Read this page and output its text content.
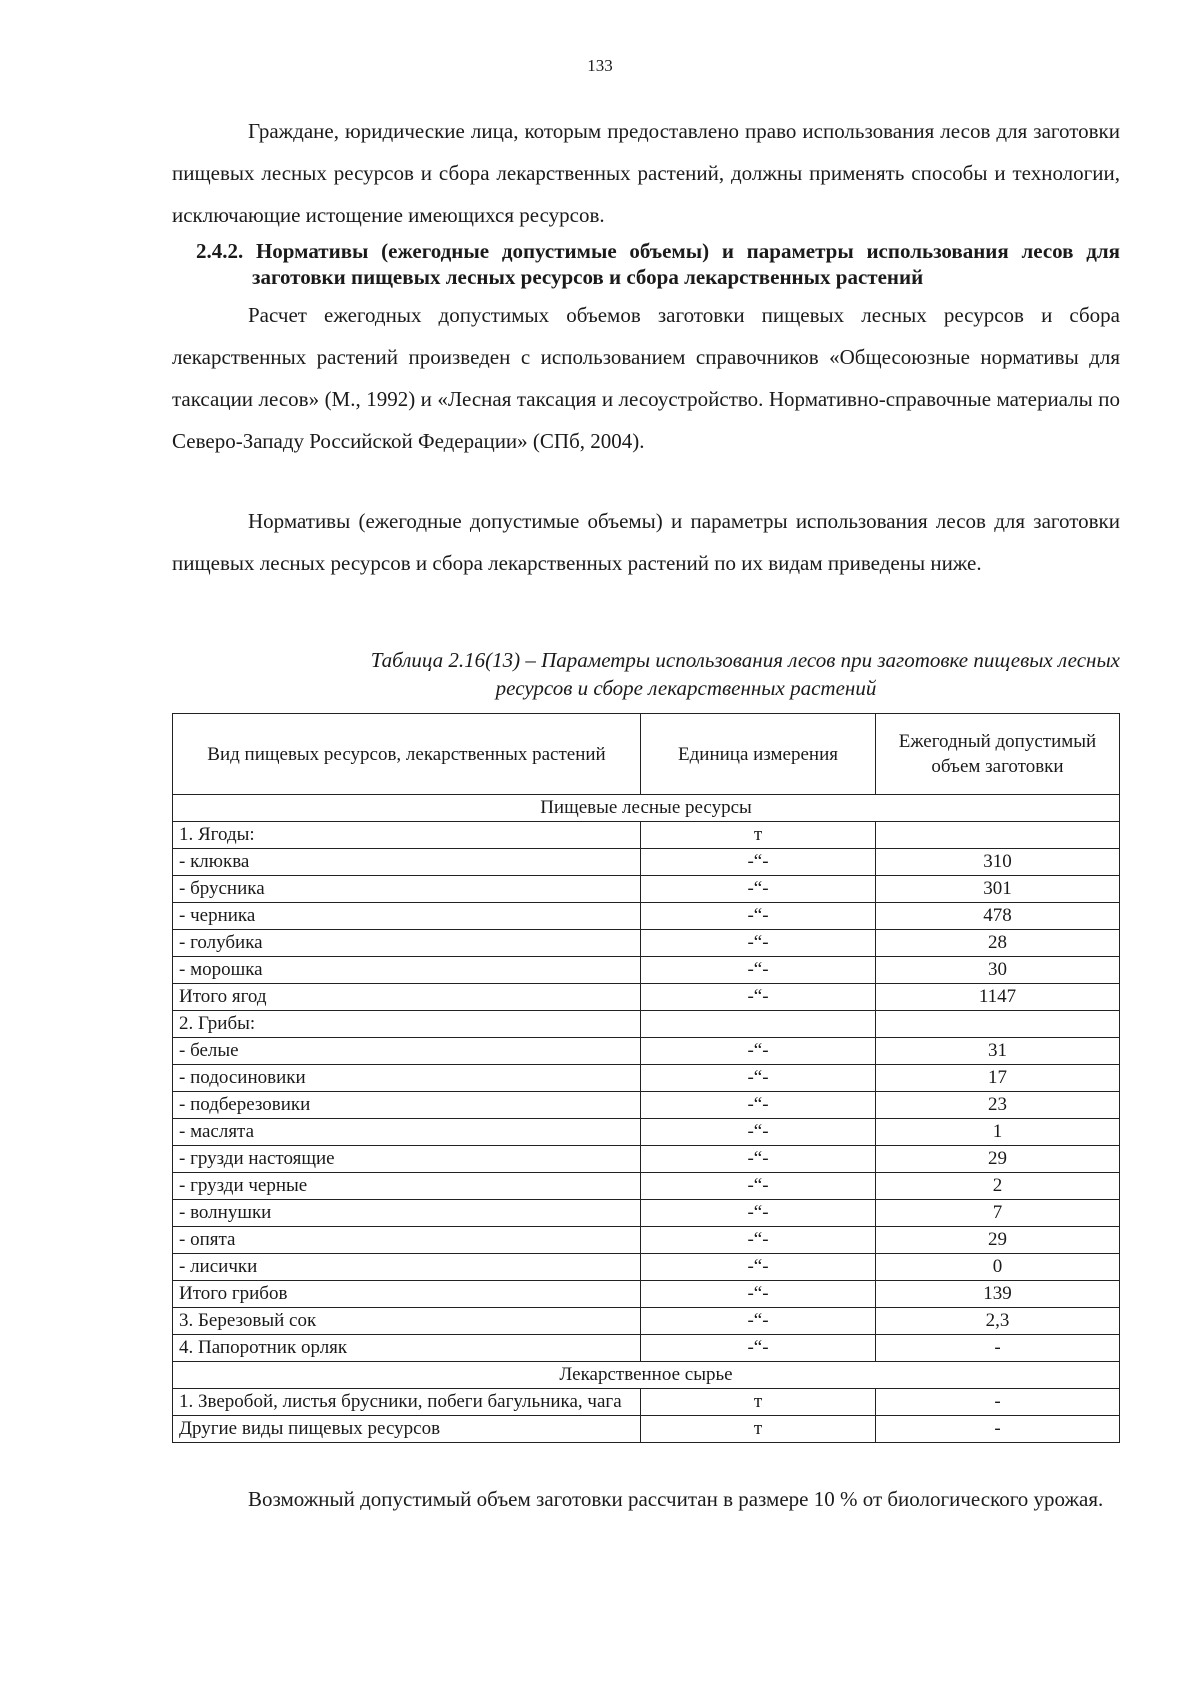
133

Граждане, юридические лица, которым предоставлено право использования лесов для заготовки пищевых лесных ресурсов и сбора лекарственных растений, должны применять способы и технологии, исключающие истощение имеющихся ресурсов.

2.4.2. Нормативы (ежегодные допустимые объемы) и параметры использования лесов для заготовки пищевых лесных ресурсов и сбора лекарственных растений

Расчет ежегодных допустимых объемов заготовки пищевых лесных ресурсов и сбора лекарственных растений произведен с использованием справочников «Общесоюзные нормативы для таксации лесов» (М., 1992) и «Лесная таксация и лесоустройство. Нормативно-справочные материалы по Северо-Западу Российской Федерации» (СПб, 2004).

Нормативы (ежегодные допустимые объемы) и параметры использования лесов для заготовки пищевых лесных ресурсов и сбора лекарственных растений по их видам приведены ниже.

Таблица 2.16(13) – Параметры использования лесов при заготовке пищевых лесных
ресурсов и сборе лекарственных растений

Вид пищевых ресурсов, лекарственных растений	Единица измерения	Ежегодный допустимый объем заготовки
Пищевые лесные ресурсы		
1. Ягоды:	т	
- клюква	-“-	310
- брусника	-“-	301
- черника	-“-	478
- голубика	-“-	28
- морошка	-“-	30
Итого ягод	-“-	1147
2. Грибы:		
- белые	-“-	31
- подосиновики	-“-	17
- подберезовики	-“-	23
- маслята	-“-	1
- грузди настоящие	-“-	29
- грузди черные	-“-	2
- волнушки	-“-	7
- опята	-“-	29
- лисички	-“-	0
Итого грибов	-“-	139
3. Березовый сок	-“-	2,3
4. Папоротник орляк	-“-	-
Лекарственное сырье		
1. Зверобой, листья брусники, побеги багульника, чага	т	-
Другие виды пищевых ресурсов	т	-

Возможный допустимый объем заготовки рассчитан в размере 10 % от биологического урожая.
